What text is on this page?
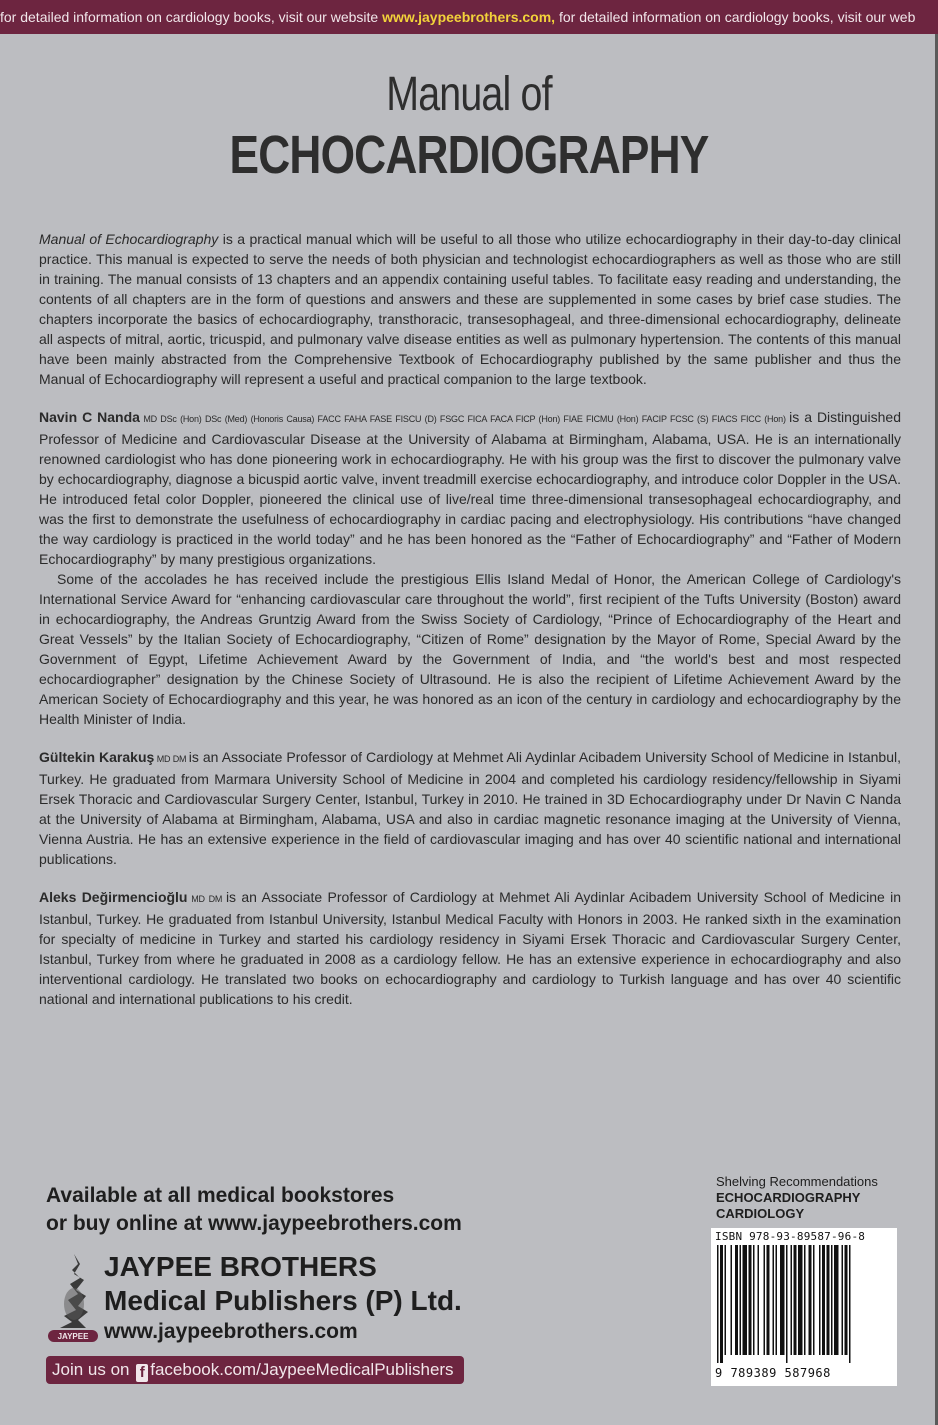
for detailed information on cardiology books, visit our website www.jaypeebrothers.com, for detailed information on cardiology books, visit our web
Manual of
ECHOCARDIOGRAPHY

Manual of Echocardiography is a practical manual which will be useful to all those who utilize echocardiography in their day-to-day clinical practice. This manual is expected to serve the needs of both physician and technologist echocardiographers as well as those who are still in training. The manual consists of 13 chapters and an appendix containing useful tables. To facilitate easy reading and understanding, the contents of all chapters are in the form of questions and answers and these are supplemented in some cases by brief case studies. The chapters incorporate the basics of echocardiography, transthoracic, transesophageal, and three-dimensional echocardiography, delineate all aspects of mitral, aortic, tricuspid, and pulmonary valve disease entities as well as pulmonary hypertension. The contents of this manual have been mainly abstracted from the Comprehensive Textbook of Echocardiography published by the same publisher and thus the Manual of Echocardiography will represent a useful and practical companion to the large textbook.

Navin C Nanda MD DSc (Hon) DSc (Med) (Honoris Causa) FACC FAHA FASE FISCU (D) FSGC FICA FACA FICP (Hon) FIAE FICMU (Hon) FACIP FCSC (S) FIACS FICC (Hon) is a Distinguished Professor of Medicine and Cardiovascular Disease at the University of Alabama at Birmingham, Alabama, USA. He is an internationally renowned cardiologist who has done pioneering work in echocardiography. He with his group was the first to discover the pulmonary valve by echocardiography, diagnose a bicuspid aortic valve, invent treadmill exercise echocardiography, and introduce color Doppler in the USA. He introduced fetal color Doppler, pioneered the clinical use of live/real time three-dimensional transesophageal echocardiography, and was the first to demonstrate the usefulness of echocardiography in cardiac pacing and electrophysiology. His contributions “have changed the way cardiology is practiced in the world today” and he has been honored as the “Father of Echocardiography” and “Father of Modern Echocardiography” by many prestigious organizations.

Some of the accolades he has received include the prestigious Ellis Island Medal of Honor, the American College of Cardiology's International Service Award for “enhancing cardiovascular care throughout the world”, first recipient of the Tufts University (Boston) award in echocardiography, the Andreas Gruntzig Award from the Swiss Society of Cardiology, “Prince of Echocardiography of the Heart and Great Vessels” by the Italian Society of Echocardiography, “Citizen of Rome” designation by the Mayor of Rome, Special Award by the Government of Egypt, Lifetime Achievement Award by the Government of India, and “the world's best and most respected echocardiographer” designation by the Chinese Society of Ultrasound. He is also the recipient of Lifetime Achievement Award by the American Society of Echocardiography and this year, he was honored as an icon of the century in cardiology and echocardiography by the Health Minister of India.

Gültekin Karakuş MD DM is an Associate Professor of Cardiology at Mehmet Ali Aydinlar Acibadem University School of Medicine in Istanbul, Turkey. He graduated from Marmara University School of Medicine in 2004 and completed his cardiology residency/fellowship in Siyami Ersek Thoracic and Cardiovascular Surgery Center, Istanbul, Turkey in 2010. He trained in 3D Echocardiography under Dr Navin C Nanda at the University of Alabama at Birmingham, Alabama, USA and also in cardiac magnetic resonance imaging at the University of Vienna, Vienna Austria. He has an extensive experience in the field of cardiovascular imaging and has over 40 scientific national and international publications.

Aleks Değirmencioğlu MD DM is an Associate Professor of Cardiology at Mehmet Ali Aydinlar Acibadem University School of Medicine in Istanbul, Turkey. He graduated from Istanbul University, Istanbul Medical Faculty with Honors in 2003. He ranked sixth in the examination for specialty of medicine in Turkey and started his cardiology residency in Siyami Ersek Thoracic and Cardiovascular Surgery Center, Istanbul, Turkey from where he graduated in 2008 as a cardiology fellow. He has an extensive experience in echocardiography and also interventional cardiology. He translated two books on echocardiography and cardiology to Turkish language and has over 40 scientific national and international publications to his credit.

Available at all medical bookstores
or buy online at www.jaypeebrothers.com
JAYPEE
JAYPEE BROTHERS
Medical Publishers (P) Ltd.
www.jaypeebrothers.com
Join us on f facebook.com/JaypeeMedicalPublishers
Shelving Recommendations
ECHOCARDIOGRAPHY
CARDIOLOGY
ISBN 978-93-89587-96-8
9 789389 587968
